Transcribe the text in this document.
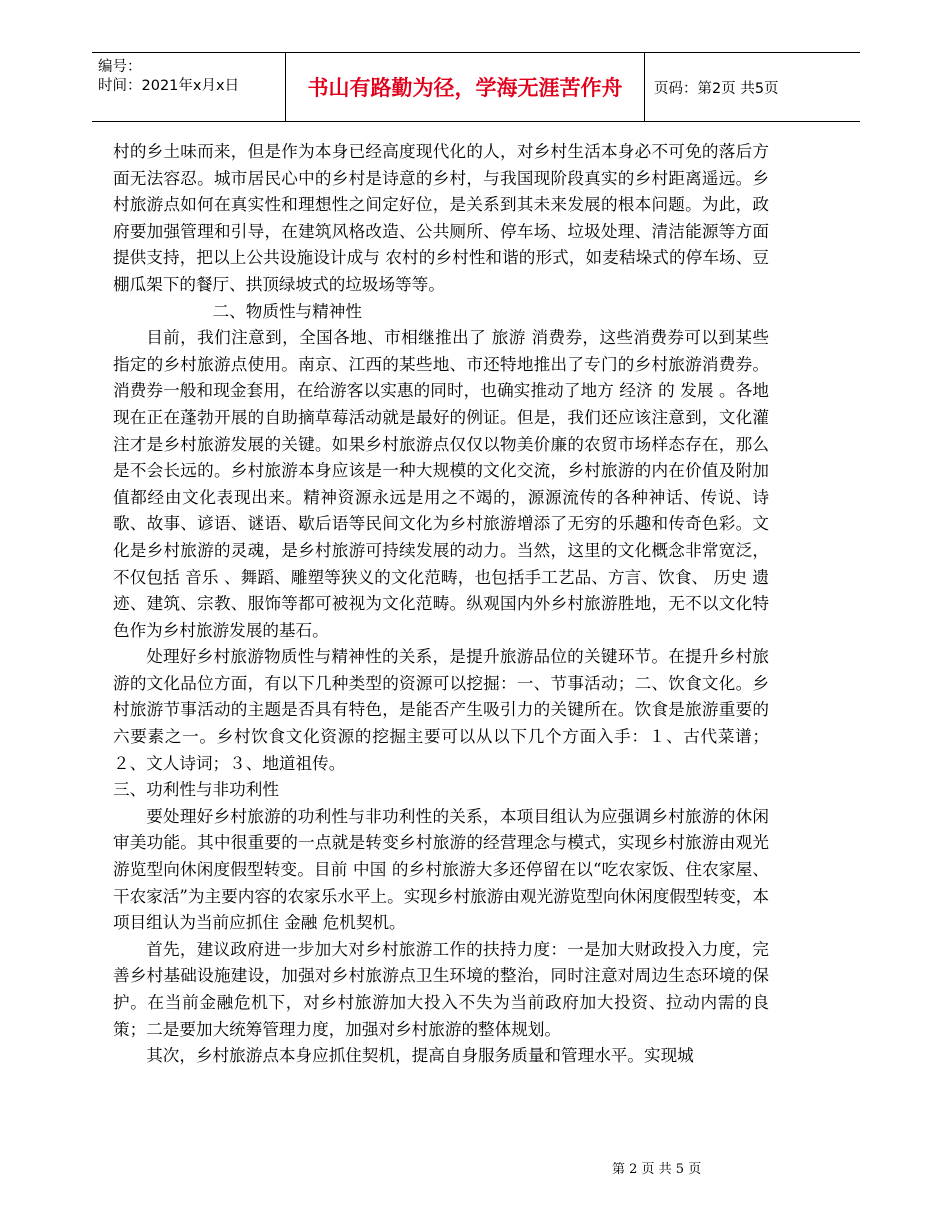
编号：
时间：2021年x月x日	书山有路勤为径，学海无涯苦作舟	页码：第2页 共5页

村的乡土味而来，但是作为本身已经高度现代化的人，对乡村生活本身必不可免的落后方面无法容忍。城市居民心中的乡村是诗意的乡村，与我国现阶段真实的乡村距离遥远。乡村旅游点如何在真实性和理想性之间定好位，是关系到其未来发展的根本问题。为此，政府要加强管理和引导，在建筑风格改造、公共厕所、停车场、垃圾处理、清洁能源等方面提供支持，把以上公共设施设计成与 农村的乡村性和谐的形式，如麦秸垛式的停车场、豆棚瓜架下的餐厅、拱顶绿坡式的垃圾场等等。

二、物质性与精神性

目前，我们注意到，全国各地、市相继推出了 旅游 消费券，这些消费券可以到某些指定的乡村旅游点使用。南京、江西的某些地、市还特地推出了专门的乡村旅游消费券。消费券一般和现金套用，在给游客以实惠的同时，也确实推动了地方 经济 的 发展 。各地现在正在蓬勃开展的自助摘草莓活动就是最好的例证。但是，我们还应该注意到，文化灌注才是乡村旅游发展的关键。如果乡村旅游点仅仅以物美价廉的农贸市场样态存在，那么是不会长远的。乡村旅游本身应该是一种大规模的文化交流，乡村旅游的内在价值及附加值都经由文化表现出来。精神资源永远是用之不竭的，源源流传的各种神话、传说、诗歌、故事、谚语、谜语、歇后语等民间文化为乡村旅游增添了无穷的乐趣和传奇色彩。文化是乡村旅游的灵魂，是乡村旅游可持续发展的动力。当然，这里的文化概念非常宽泛，不仅包括 音乐 、舞蹈、雕塑等狭义的文化范畴，也包括手工艺品、方言、饮食、 历史 遗迹、建筑、宗教、服饰等都可被视为文化范畴。纵观国内外乡村旅游胜地，无不以文化特色作为乡村旅游发展的基石。

处理好乡村旅游物质性与精神性的关系，是提升旅游品位的关键环节。在提升乡村旅游的文化品位方面，有以下几种类型的资源可以挖掘：一、节事活动；二、饮食文化。乡村旅游节事活动的主题是否具有特色，是能否产生吸引力的关键所在。饮食是旅游重要的六要素之一。乡村饮食文化资源的挖掘主要可以从以下几个方面入手：１、古代菜谱；２、文人诗词；３、地道祖传。

三、功利性与非功利性

要处理好乡村旅游的功利性与非功利性的关系，本项目组认为应强调乡村旅游的休闲审美功能。其中很重要的一点就是转变乡村旅游的经营理念与模式，实现乡村旅游由观光游览型向休闲度假型转变。目前 中国 的乡村旅游大多还停留在以“吃农家饭、住农家屋、干农家活”为主要内容的农家乐水平上。实现乡村旅游由观光游览型向休闲度假型转变，本项目组认为当前应抓住 金融 危机契机。

首先，建议政府进一步加大对乡村旅游工作的扶持力度：一是加大财政投入力度，完善乡村基础设施建设，加强对乡村旅游点卫生环境的整治，同时注意对周边生态环境的保护。在当前金融危机下，对乡村旅游加大投入不失为当前政府加大投资、拉动内需的良策；二是要加大统筹管理力度，加强对乡村旅游的整体规划。

其次，乡村旅游点本身应抓住契机，提高自身服务质量和管理水平。实现城

第 2 页 共 5 页
